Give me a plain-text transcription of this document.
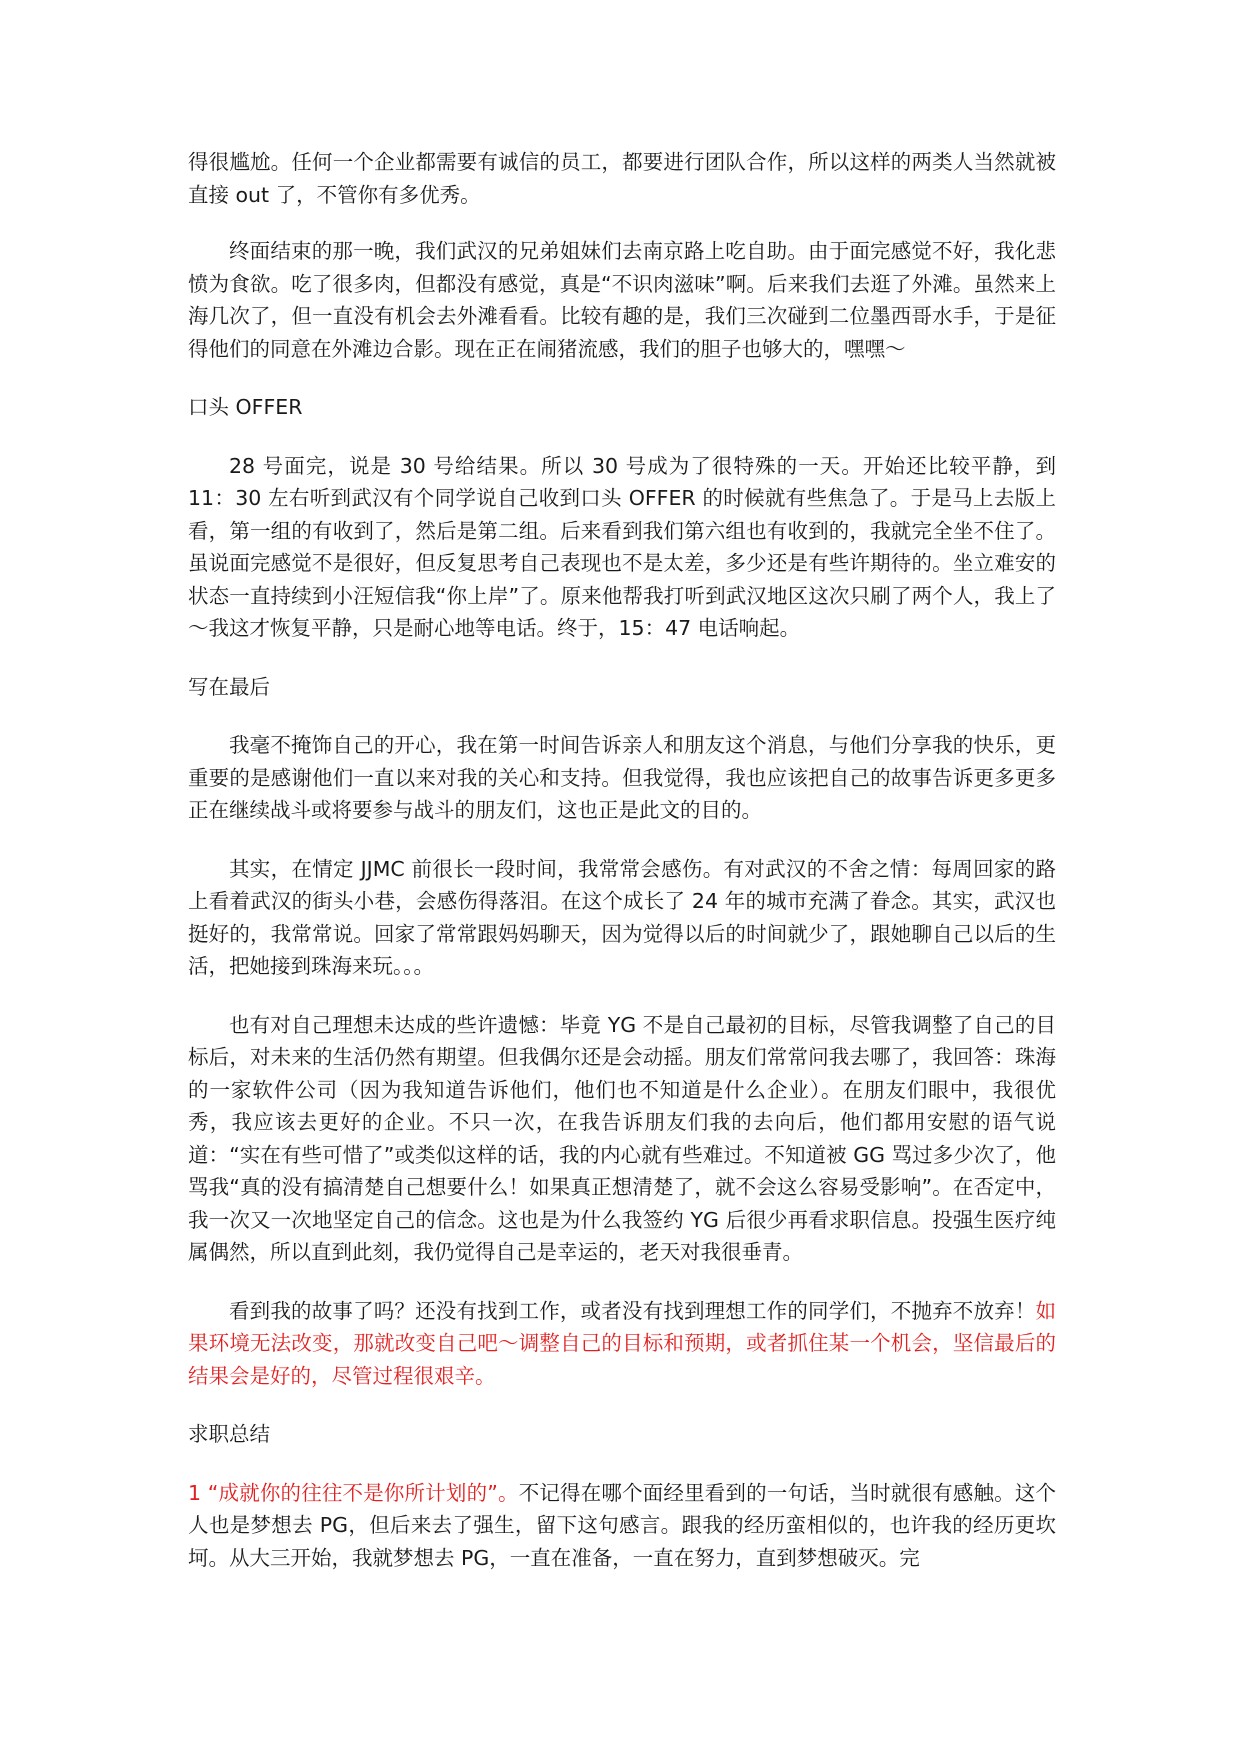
得很尴尬。任何一个企业都需要有诚信的员工，都要进行团队合作，所以这样的两类人当然就被直接 out 了，不管你有多优秀。

终面结束的那一晚，我们武汉的兄弟姐妹们去南京路上吃自助。由于面完感觉不好，我化悲愤为食欲。吃了很多肉，但都没有感觉，真是“不识肉滋味”啊。后来我们去逛了外滩。虽然来上海几次了，但一直没有机会去外滩看看。比较有趣的是，我们三次碰到二位墨西哥水手，于是征得他们的同意在外滩边合影。现在正在闹猪流感，我们的胆子也够大的，嘿嘿～

口头 OFFER

28 号面完，说是 30 号给结果。所以 30 号成为了很特殊的一天。开始还比较平静，到 11：30 左右听到武汉有个同学说自己收到口头 OFFER 的时候就有些焦急了。于是马上去版上看，第一组的有收到了，然后是第二组。后来看到我们第六组也有收到的，我就完全坐不住了。虽说面完感觉不是很好，但反复思考自己表现也不是太差，多少还是有些许期待的。坐立难安的状态一直持续到小汪短信我“你上岸”了。原来他帮我打听到武汉地区这次只刷了两个人，我上了～我这才恢复平静，只是耐心地等电话。终于，15：47 电话响起。

写在最后

我毫不掩饰自己的开心，我在第一时间告诉亲人和朋友这个消息，与他们分享我的快乐，更重要的是感谢他们一直以来对我的关心和支持。但我觉得，我也应该把自己的故事告诉更多更多正在继续战斗或将要参与战斗的朋友们，这也正是此文的目的。

其实，在情定 JJMC 前很长一段时间，我常常会感伤。有对武汉的不舍之情：每周回家的路上看着武汉的街头小巷，会感伤得落泪。在这个成长了 24 年的城市充满了眷念。其实，武汉也挺好的，我常常说。回家了常常跟妈妈聊天，因为觉得以后的时间就少了，跟她聊自己以后的生活，把她接到珠海来玩。。。

也有对自己理想未达成的些许遗憾：毕竟 YG 不是自己最初的目标，尽管我调整了自己的目标后，对未来的生活仍然有期望。但我偶尔还是会动摇。朋友们常常问我去哪了，我回答：珠海的一家软件公司（因为我知道告诉他们，他们也不知道是什么企业）。在朋友们眼中，我很优秀，我应该去更好的企业。不只一次，在我告诉朋友们我的去向后，他们都用安慰的语气说道：“实在有些可惜了”或类似这样的话，我的内心就有些难过。不知道被 GG 骂过多少次了，他骂我“真的没有搞清楚自己想要什么！如果真正想清楚了，就不会这么容易受影响”。在否定中，我一次又一次地坚定自己的信念。这也是为什么我签约 YG 后很少再看求职信息。投强生医疗纯属偶然，所以直到此刻，我仍觉得自己是幸运的，老天对我很垂青。

看到我的故事了吗？还没有找到工作，或者没有找到理想工作的同学们，不抛弃不放弃！如果环境无法改变，那就改变自己吧～调整自己的目标和预期，或者抓住某一个机会，坚信最后的结果会是好的，尽管过程很艰辛。

求职总结

1 “成就你的往往不是你所计划的”。不记得在哪个面经里看到的一句话，当时就很有感触。这个人也是梦想去 PG，但后来去了强生，留下这句感言。跟我的经历蛮相似的，也许我的经历更坎坷。从大三开始，我就梦想去 PG，一直在准备，一直在努力，直到梦想破灭。完
